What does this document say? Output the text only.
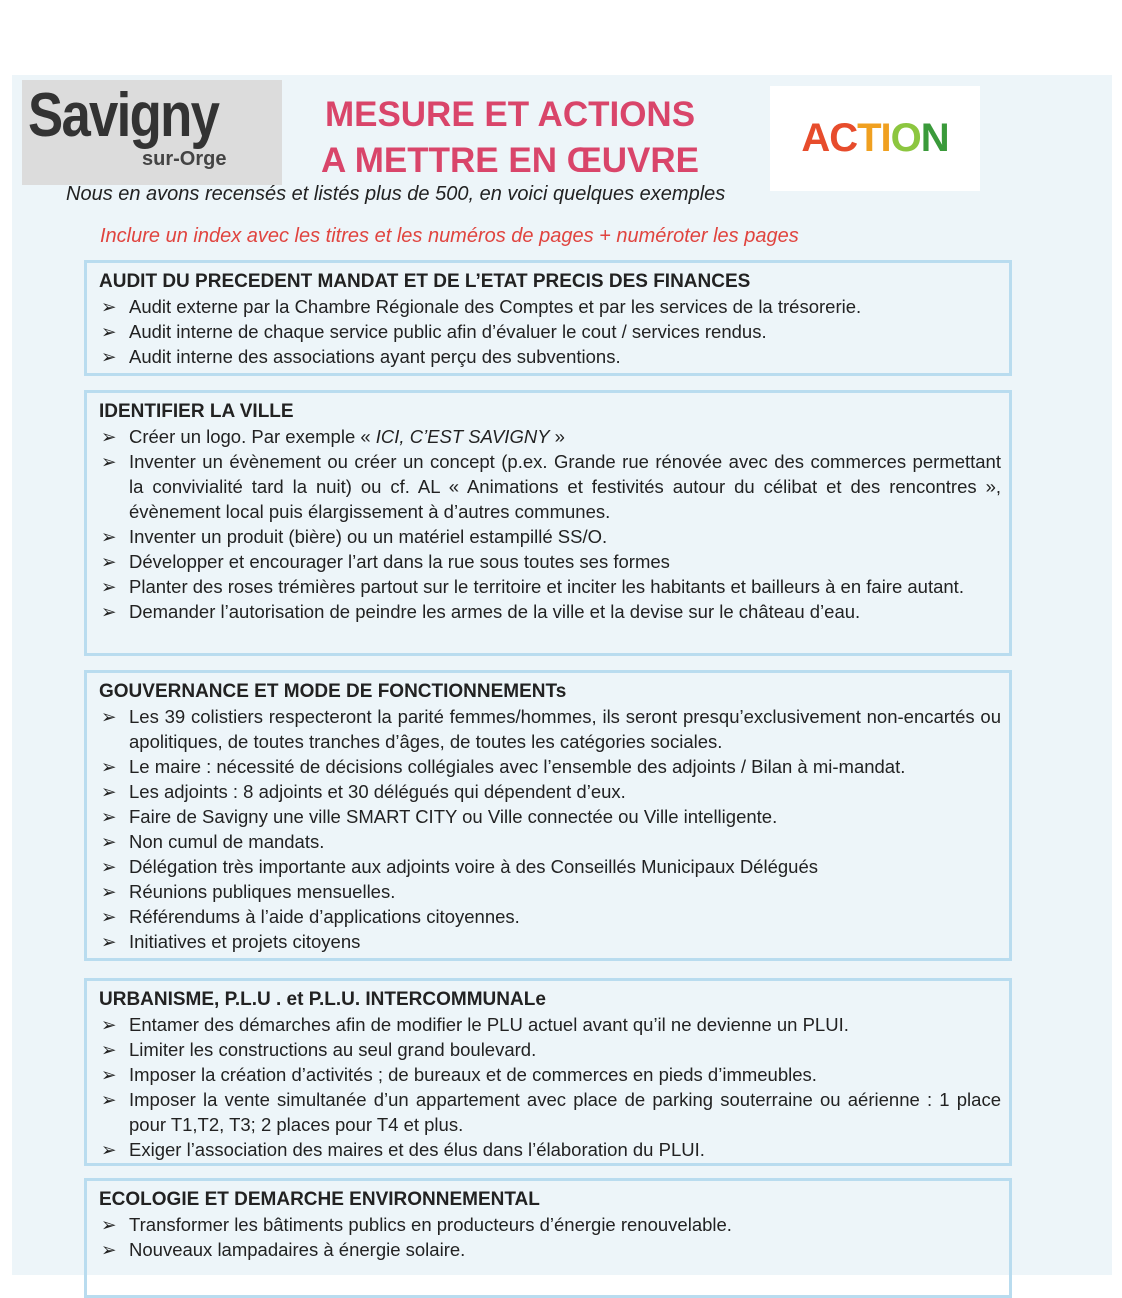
Savigny
sur-Orge
MESURE ET ACTIONS
A METTRE EN ŒUVRE
AC TI O N
Nous en avons recensés et listés plus de 500, en voici quelques exemples
Inclure un index avec les titres et les numéros de pages + numéroter les pages
AUDIT DU PRECEDENT MANDAT ET DE L’ETAT PRECIS DES FINANCES
➢ Audit externe par la Chambre Régionale des Comptes et par les services de la trésorerie.
➢ Audit interne de chaque service public afin d’évaluer le cout / services rendus.
➢ Audit interne des associations ayant perçu des subventions.
IDENTIFIER LA VILLE
➢ Créer un logo. Par exemple « ICI, C’EST SAVIGNY »
➢ Inventer un évènement ou créer un concept (p.ex. Grande rue rénovée avec des commerces permettant la convivialité tard la nuit) ou cf. AL « Animations et festivités autour du célibat et des rencontres », évènement local puis élargissement à d’autres communes.
➢ Inventer un produit (bière) ou un matériel estampillé SS/O.
➢ Développer et encourager l’art dans la rue sous toutes ses formes
➢ Planter des roses trémières partout sur le territoire et inciter les habitants et bailleurs à en faire autant.
➢ Demander l’autorisation de peindre les armes de la ville et la devise sur le château d’eau.
GOUVERNANCE ET MODE DE FONCTIONNEMENTs
➢ Les 39 colistiers respecteront la parité femmes/hommes, ils seront presqu’exclusivement non-encartés ou apolitiques, de toutes tranches d’âges, de toutes les catégories sociales.
➢ Le maire : nécessité de décisions collégiales avec l’ensemble des adjoints / Bilan à mi-mandat.
➢ Les adjoints : 8 adjoints et 30 délégués qui dépendent d’eux.
➢ Faire de Savigny une ville SMART CITY ou Ville connectée ou Ville intelligente.
➢ Non cumul de mandats.
➢ Délégation très importante aux adjoints voire à des Conseillés Municipaux Délégués
➢ Réunions publiques mensuelles.
➢ Référendums à l’aide d’applications citoyennes.
➢ Initiatives et projets citoyens
URBANISME, P.L.U . et P.L.U. INTERCOMMUNALe
➢ Entamer des démarches afin de modifier le PLU actuel avant qu’il ne devienne un PLUI.
➢ Limiter les constructions au seul grand boulevard.
➢ Imposer la création d’activités ; de bureaux et de commerces en pieds d’immeubles.
➢ Imposer la vente simultanée d’un appartement avec place de parking souterraine ou aérienne : 1 place pour T1,T2, T3; 2 places pour T4 et plus.
➢ Exiger l’association des maires et des élus dans l’élaboration du PLUI.
ECOLOGIE ET DEMARCHE ENVIRONNEMENTAL
➢ Transformer les bâtiments publics en producteurs d’énergie renouvelable.
➢ Nouveaux lampadaires à énergie solaire.
